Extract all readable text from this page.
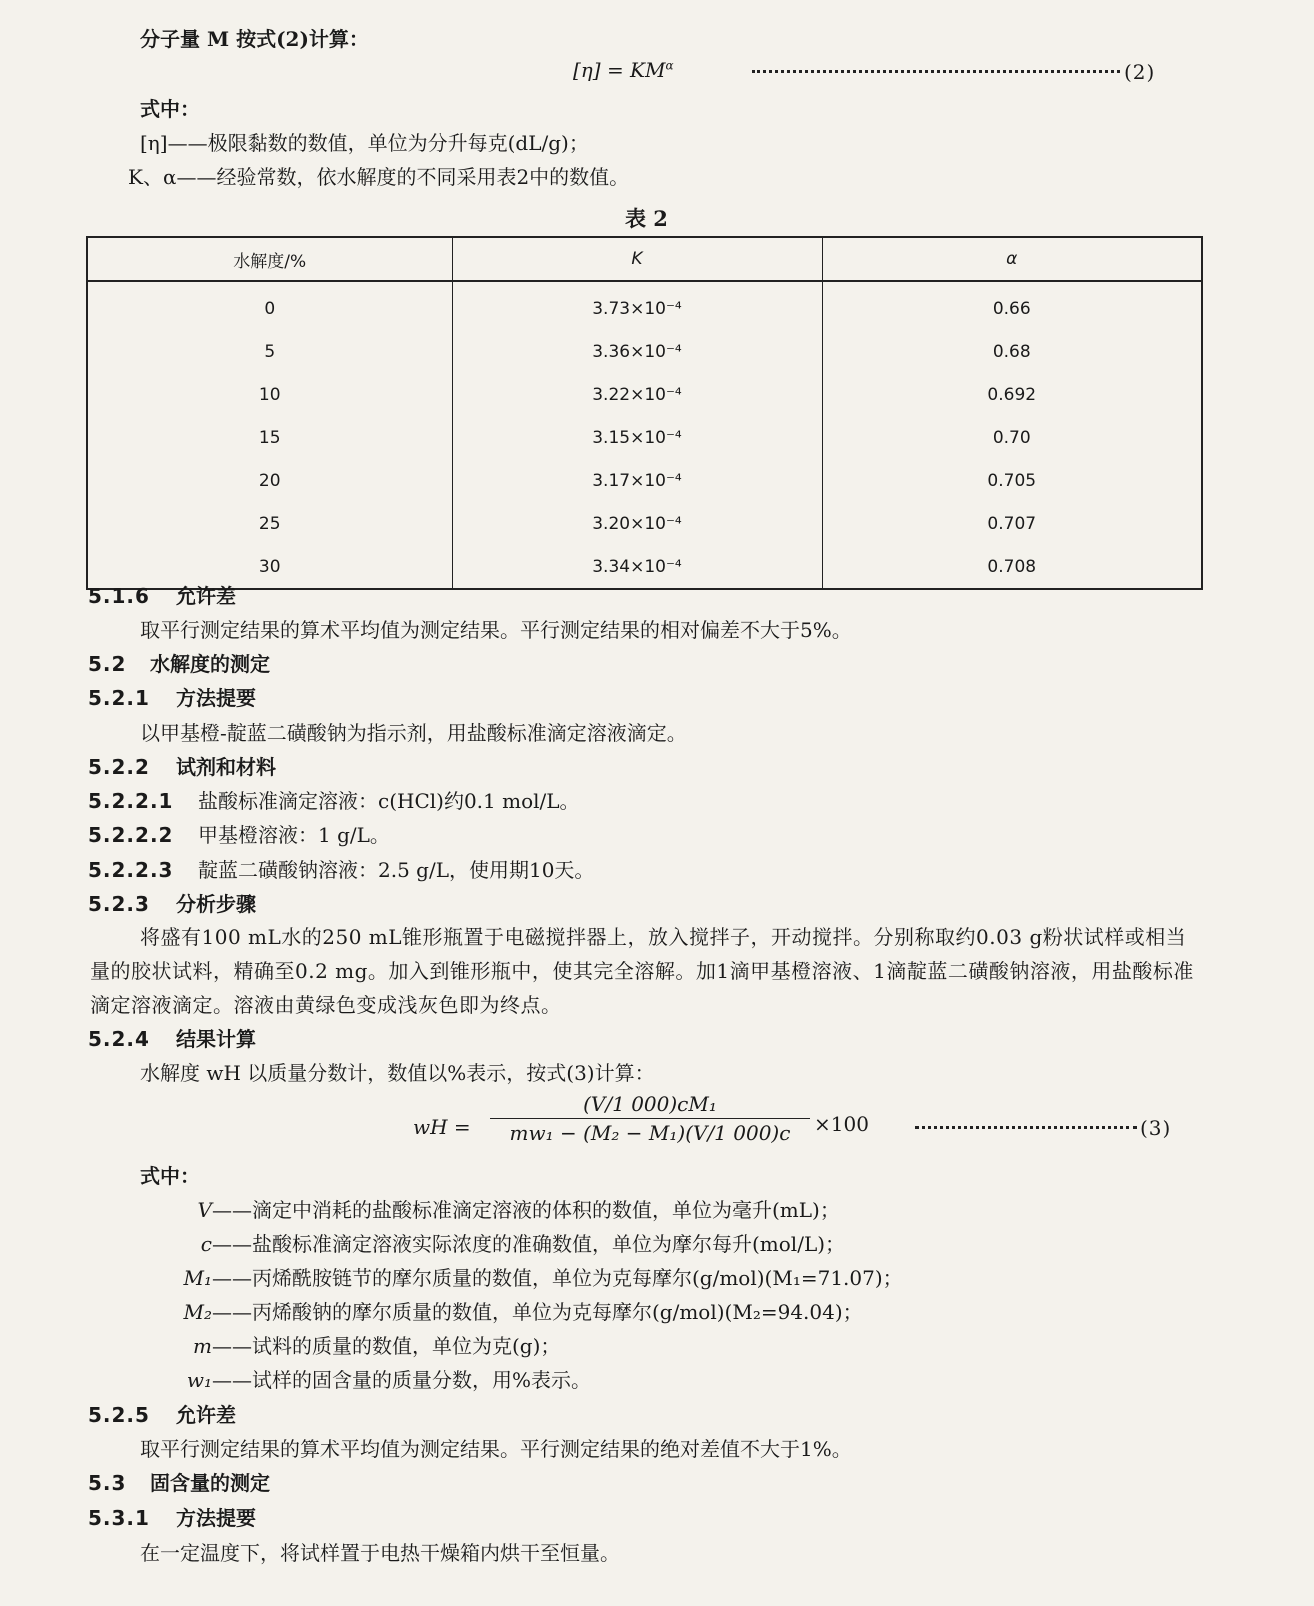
分子量 M 按式(2)计算：
$[\eta] = KM^\alpha$	(2)
式中：
[η]——极限黏数的数值，单位为分升每克(dL/g)；
K、α——经验常数，依水解度的不同采用表2中的数值。
表 2
水解度/%	K	α
0	3.73×10⁻⁴	0.66
5	3.36×10⁻⁴	0.68
10	3.22×10⁻⁴	0.692
15	3.15×10⁻⁴	0.70
20	3.17×10⁻⁴	0.705
25	3.20×10⁻⁴	0.707
30	3.34×10⁻⁴	0.708
5.1.6 允许差
取平行测定结果的算术平均值为测定结果。平行测定结果的相对偏差不大于5%。
5.2 水解度的测定
5.2.1 方法提要
以甲基橙-靛蓝二磺酸钠为指示剂，用盐酸标准滴定溶液滴定。
5.2.2 试剂和材料
5.2.2.1 盐酸标准滴定溶液：c(HCl)约0.1 mol/L。
5.2.2.2 甲基橙溶液：1 g/L。
5.2.2.3 靛蓝二磺酸钠溶液：2.5 g/L，使用期10天。
5.2.3 分析步骤
将盛有100 mL水的250 mL锥形瓶置于电磁搅拌器上，放入搅拌子，开动搅拌。分别称取约0.03 g粉状试样或相当量的胶状试料，精确至0.2 mg。加入到锥形瓶中，使其完全溶解。加1滴甲基橙溶液、1滴靛蓝二磺酸钠溶液，用盐酸标准滴定溶液滴定。溶液由黄绿色变成浅灰色即为终点。
5.2.4 结果计算
水解度 wH 以质量分数计，数值以%表示，按式(3)计算：
wH = $\frac{\text{(V/1 000)cM₁}}{\text{mw₁ − (M₂ − M₁)(V/1 000)c}} \times 100$	(3)
式中：
V——滴定中消耗的盐酸标准滴定溶液的体积的数值，单位为毫升(mL)；
c——盐酸标准滴定溶液实际浓度的准确数值，单位为摩尔每升(mol/L)；
M₁——丙烯酰胺链节的摩尔质量的数值，单位为克每摩尔(g/mol)(M₁=71.07)；
M₂——丙烯酸钠的摩尔质量的数值，单位为克每摩尔(g/mol)(M₂=94.04)；
m——试料的质量的数值，单位为克(g)；
w₁——试样的固含量的质量分数，用%表示。
5.2.5 允许差
取平行测定结果的算术平均值为测定结果。平行测定结果的绝对差值不大于1%。
5.3 固含量的测定
5.3.1 方法提要
在一定温度下，将试样置于电热干燥箱内烘干至恒量。
